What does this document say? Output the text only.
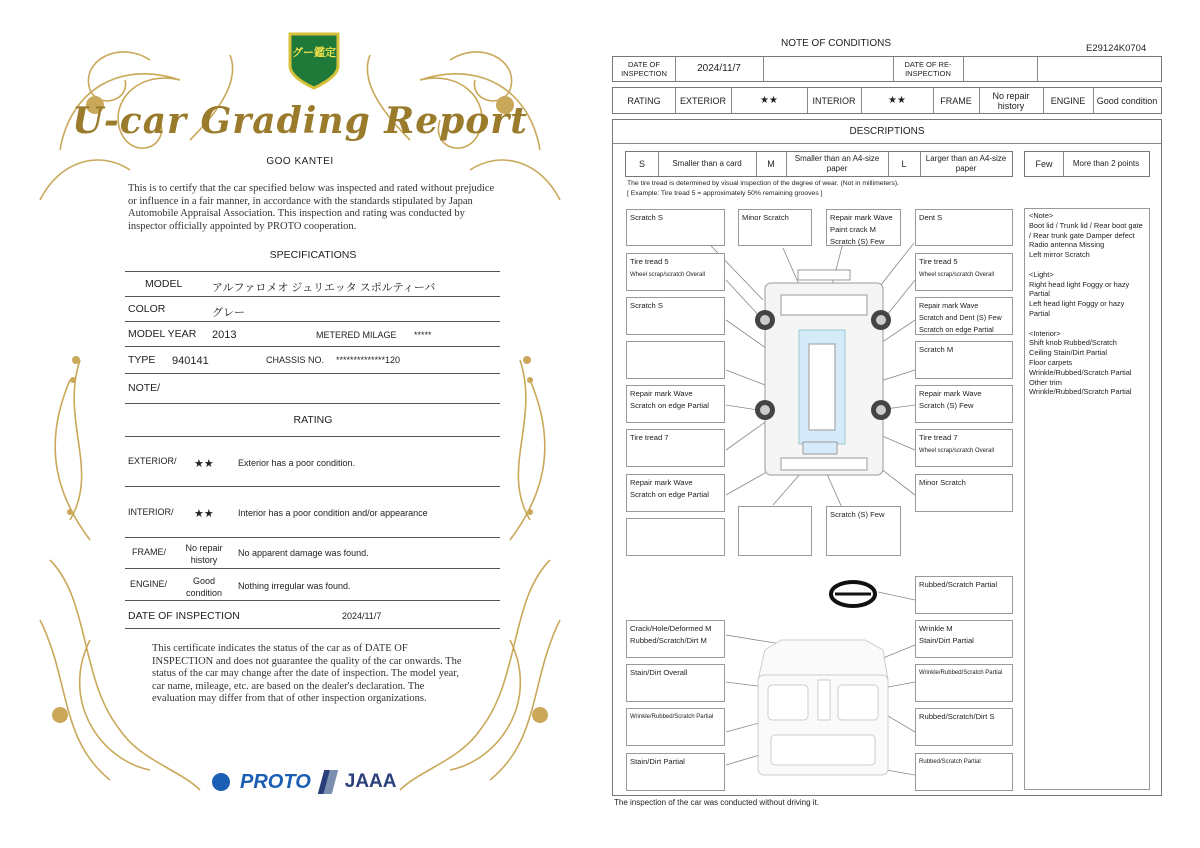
グー鑑定
U-car Grading Report
GOO KANTEI
This is to certify that the car specified below was inspected and rated without prejudice or influence in a fair manner, in accordance with the standards stipulated by Japan Automobile Appraisal Association. This inspection and rating was conducted by inspector officially appointed by PROTO cooperation.
SPECIFICATIONS
MODEL	アルファロメオ ジュリエッタ スポルティーバ
COLOR	グレー
MODEL YEAR 2013	METERED MILAGE *****
TYPE 940141	CHASSIS NO. **************120
NOTE/
RATING
EXTERIOR/ ★★	Exterior has a poor condition.
INTERIOR/ ★★	Interior has a poor condition and/or appearance
FRAME/	No repair history
No apparent damage was found.
ENGINE/	Good condition
Nothing irregular was found.
DATE OF INSPECTION	2024/11/7
This certificate indicates the status of the car as of DATE OF INSPECTION and does not guarantee the quality of the car onwards. The status of the car may change after the date of inspection. The model year, car name, mileage, etc. are based on the dealer's declaration. The evaluation may differ from that of other inspection organizations.
PROTO JAAA
NOTE OF CONDITIONS	E29124K0704
DATE OF INSPECTION	2024/11/7	DATE OF RE-INSPECTION
RATING	EXTERIOR	★★	INTERIOR	★★	FRAME	No repair history	ENGINE	Good condition
DESCRIPTIONS
S	Smaller than a card	M
Smaller than an A4-size paper	L
Larger than an A4-size paper	Few	More than 2 points
The tire tread is determined by visual inspection of the degree of wear. (Not in millimeters).
[ Example: Tire tread 5 = approximately 50% remaining grooves ]
Scratch S	Minor Scratch	Repair mark Wave
Paint crack M
Scratch (S) Few
Dent S
Tire tread 5
Wheel scrap/scratch Overall
Tire tread 5
Wheel scrap/scratch Overall
Scratch S	Repair mark Wave
Scratch and Dent (S) Few
Scratch on edge Partial
Scratch M
Repair mark Wave
Scratch on edge Partial
Repair mark Wave
Scratch (S) Few
Tire tread 7	Tire tread 7
Wheel scrap/scratch Overall
Repair mark Wave
Scratch on edge Partial
Minor Scratch
Scratch (S) Few
Rubbed/Scratch Partial
Crack/Hole/Deformed M
Rubbed/Scratch/Dirt M
Wrinkle M
Stain/Dirt Partial
Stain/Dirt Overall	Wrinkle/Rubbed/Scratch Partial
Wrinkle/Rubbed/Scratch Partial	Rubbed/Scratch/Dirt S
Stain/Dirt Partial	Rubbed/Scratch Partial
<Note>
Boot lid / Trunk lid / Rear boot gate / Rear trunk gate Damper defect
Radio antenna Missing
Left mirror Scratch

<Light>
Right head light Foggy or hazy Partial
Left head light Foggy or hazy Partial

<Interior>
Shift knob Rubbed/Scratch
Ceiling Stain/Dirt Partial
Floor carpets
Wrinkle/Rubbed/Scratch Partial
Other trim
Wrinkle/Rubbed/Scratch Partial
The inspection of the car was conducted without driving it.
